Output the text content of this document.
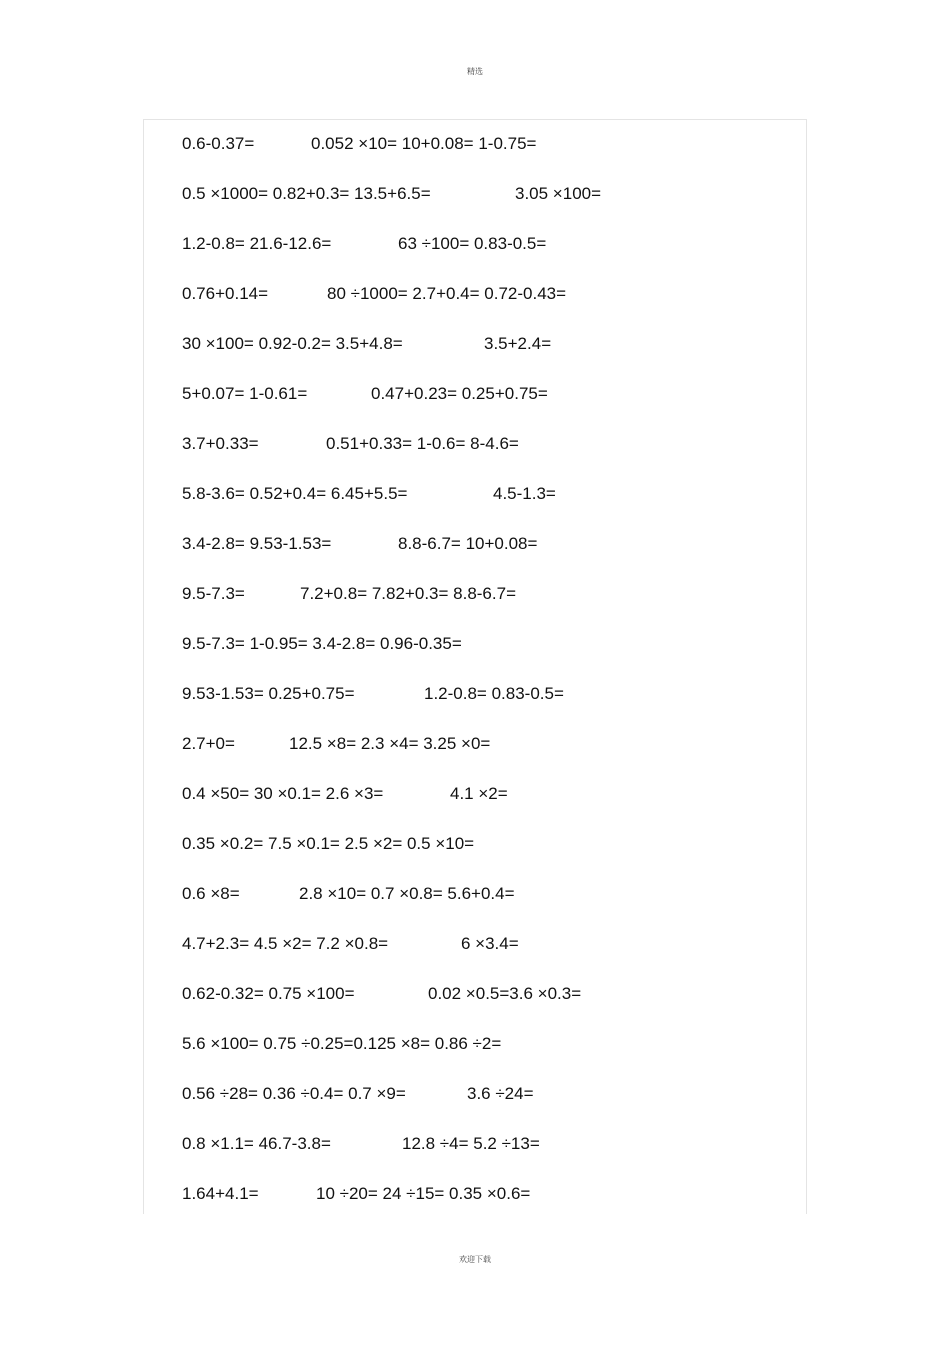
精选
0.6-0.37=	0.052 ×10= 10+0.08= 1-0.75=
0.5 ×1000= 0.82+0.3= 13.5+6.5=	3.05 ×100=
1.2-0.8= 21.6-12.6=	63 ÷100= 0.83-0.5=
0.76+0.14=	80 ÷1000= 2.7+0.4= 0.72-0.43=
30 ×100= 0.92-0.2= 3.5+4.8=	3.5+2.4=
5+0.07= 1-0.61=	0.47+0.23= 0.25+0.75=
3.7+0.33=	0.51+0.33= 1-0.6= 8-4.6=
5.8-3.6= 0.52+0.4= 6.45+5.5=	4.5-1.3=
3.4-2.8= 9.53-1.53=	8.8-6.7= 10+0.08=
9.5-7.3=	7.2+0.8= 7.82+0.3= 8.8-6.7=
9.5-7.3= 1-0.95= 3.4-2.8= 0.96-0.35=
9.53-1.53= 0.25+0.75=	1.2-0.8= 0.83-0.5=
2.7+0=	12.5 ×8= 2.3 ×4= 3.25 ×0=
0.4 ×50= 30 ×0.1= 2.6 ×3=	4.1 ×2=
0.35 ×0.2= 7.5 ×0.1= 2.5 ×2= 0.5 ×10=
0.6 ×8=	2.8 ×10= 0.7 ×0.8= 5.6+0.4=
4.7+2.3= 4.5 ×2= 7.2 ×0.8=	6 ×3.4=
0.62-0.32= 0.75 ×100=	0.02 ×0.5=3.6 ×0.3=
5.6 ×100= 0.75 ÷0.25=0.125 ×8= 0.86 ÷2=
0.56 ÷28= 0.36 ÷0.4= 0.7 ×9=	3.6 ÷24=
0.8 ×1.1= 46.7-3.8=	12.8 ÷4= 5.2 ÷13=
1.64+4.1=	10 ÷20= 24 ÷15= 0.35 ×0.6=
欢迎下载
